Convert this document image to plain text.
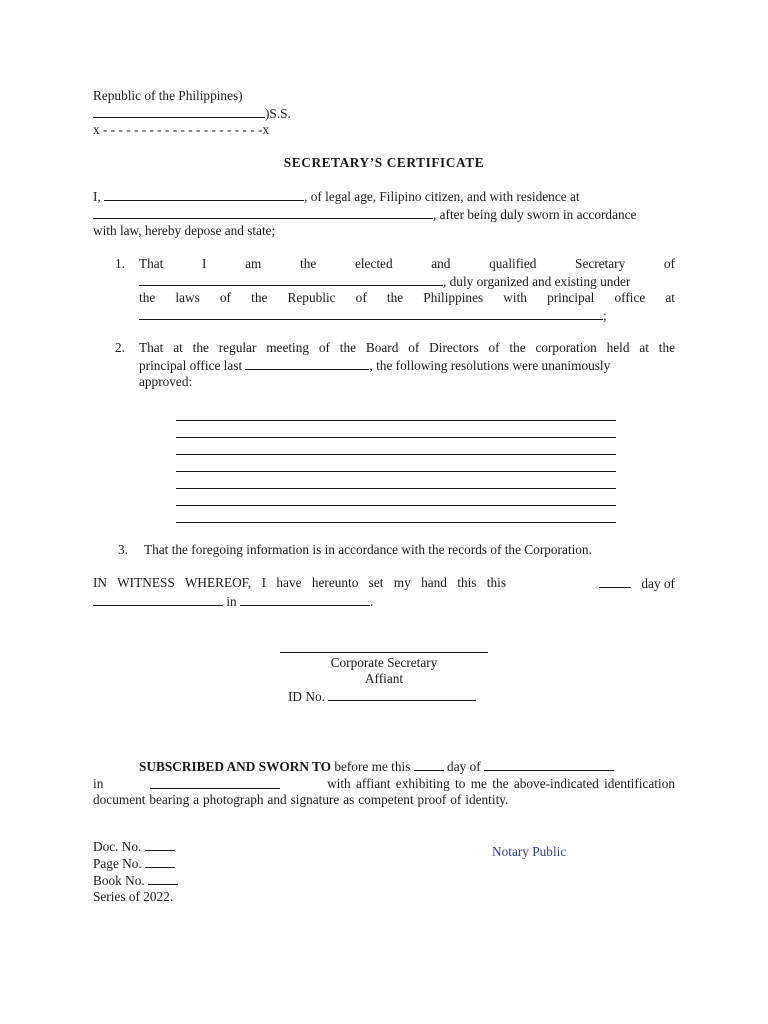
Republic of the Philippines)
)S.S.
x - - - - - - - - - - - - - - - - - - - - -x
SECRETARY’S CERTIFICATE
I,	, of legal age, Filipino citizen, and with residence at
, after being duly sworn in accordance
with law, hereby depose and state;
1. That I am the elected and qualified Secretary of
, duly organized and existing under
the laws of the Republic of the Philippines with principal office at
;
2. That at the regular meeting of the Board of Directors of the corporation held at the
principal office last	, the following resolutions were unanimously
approved:
3. That the foregoing information is in accordance with the records of the Corporation.
IN WITNESS WHEREOF, I have hereunto set my hand this this	day of
in	.
Corporate Secretary
Affiant
ID No.
SUBSCRIBED AND SWORN TO before me this	day of
in	with affiant exhibiting to me the above-indicated identification
document bearing a photograph and signature as competent proof of identity.
Doc. No.
Page No.
Book No.
Series of 2022.
Notary Public
